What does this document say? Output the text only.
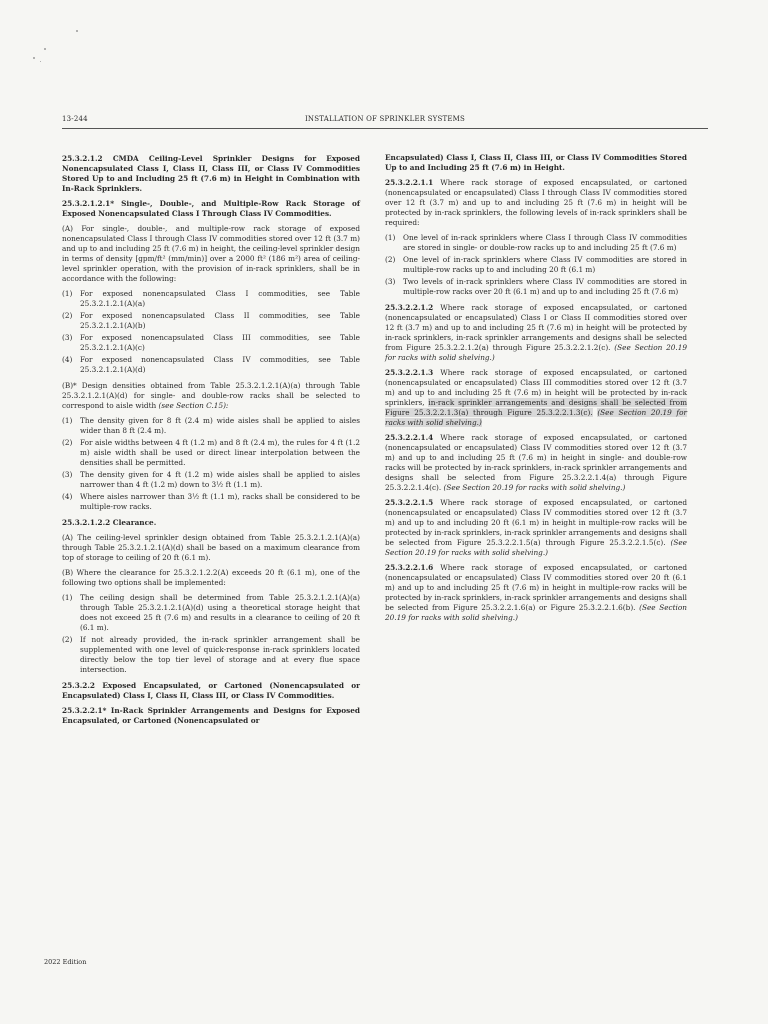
13-244	INSTALLATION OF SPRINKLER SYSTEMS

25.3.2.1.2 CMDA Ceiling-Level Sprinkler Designs for Exposed Nonencapsulated Class I, Class II, Class III, or Class IV Commodities Stored Up to and Including 25 ft (7.6 m) in Height in Combination with In-Rack Sprinklers.

25.3.2.1.2.1* Single-, Double-, and Multiple-Row Rack Storage of Exposed Nonencapsulated Class I Through Class IV Commodities.

(A) For single-, double-, and multiple-row rack storage of exposed nonencapsulated Class I through Class IV commodities stored over 12 ft (3.7 m) and up to and including 25 ft (7.6 m) in height, the ceiling-level sprinkler design in terms of density [gpm/ft² (mm/min)] over a 2000 ft² (186 m²) area of ceiling-level sprinkler operation, with the provision of in-rack sprinklers, shall be in accordance with the following:

(1)	For exposed nonencapsulated Class I commodities, see Table 25.3.2.1.2.1(A)(a)
(2)	For exposed nonencapsulated Class II commodities, see Table 25.3.2.1.2.1(A)(b)
(3)	For exposed nonencapsulated Class III commodities, see Table 25.3.2.1.2.1(A)(c)
(4)	For exposed nonencapsulated Class IV commodities, see Table 25.3.2.1.2.1(A)(d)

(B)* Design densities obtained from Table 25.3.2.1.2.1(A)(a) through Table 25.3.2.1.2.1(A)(d) for single- and double-row racks shall be selected to correspond to aisle width (see Section C.15):

(1)	The density given for 8 ft (2.4 m) wide aisles shall be applied to aisles wider than 8 ft (2.4 m).
(2)	For aisle widths between 4 ft (1.2 m) and 8 ft (2.4 m), the rules for 4 ft (1.2 m) aisle width shall be used or direct linear interpolation between the densities shall be permitted.
(3)	The density given for 4 ft (1.2 m) wide aisles shall be applied to aisles narrower than 4 ft (1.2 m) down to 3½ ft (1.1 m).
(4)	Where aisles narrower than 3½ ft (1.1 m), racks shall be considered to be multiple-row racks.

25.3.2.1.2.2 Clearance.

(A) The ceiling-level sprinkler design obtained from Table 25.3.2.1.2.1(A)(a) through Table 25.3.2.1.2.1(A)(d) shall be based on a maximum clearance from top of storage to ceiling of 20 ft (6.1 m).

(B) Where the clearance for 25.3.2.1.2.2(A) exceeds 20 ft (6.1 m), one of the following two options shall be implemented:

(1)	The ceiling design shall be determined from Table 25.3.2.1.2.1(A)(a) through Table 25.3.2.1.2.1(A)(d) using a theoretical storage height that does not exceed 25 ft (7.6 m) and results in a clearance to ceiling of 20 ft (6.1 m).
(2)	If not already provided, the in-rack sprinkler arrangement shall be supplemented with one level of quick-response in-rack sprinklers located directly below the top tier level of storage and at every flue space intersection.

25.3.2.2 Exposed Encapsulated, or Cartoned (Nonencapsulated or Encapsulated) Class I, Class II, Class III, or Class IV Commodities.

25.3.2.2.1* In-Rack Sprinkler Arrangements and Designs for Exposed Encapsulated, or Cartoned (Nonencapsulated or

Encapsulated) Class I, Class II, Class III, or Class IV Commodities Stored Up to and Including 25 ft (7.6 m) in Height.

25.3.2.2.1.1 Where rack storage of exposed encapsulated, or cartoned (nonencapsulated or encapsulated) Class I through Class IV commodities stored over 12 ft (3.7 m) and up to and including 25 ft (7.6 m) in height will be protected by in-rack sprinklers, the following levels of in-rack sprinklers shall be required:

(1)	One level of in-rack sprinklers where Class I through Class IV commodities are stored in single- or double-row racks up to and including 25 ft (7.6 m)
(2)	One level of in-rack sprinklers where Class IV commodities are stored in multiple-row racks up to and including 20 ft (6.1 m)
(3)	Two levels of in-rack sprinklers where Class IV commodities are stored in multiple-row racks over 20 ft (6.1 m) and up to and including 25 ft (7.6 m)

25.3.2.2.1.2 Where rack storage of exposed encapsulated, or cartoned (nonencapsulated or encapsulated) Class I or Class II commodities stored over 12 ft (3.7 m) and up to and including 25 ft (7.6 m) in height will be protected by in-rack sprinklers, in-rack sprinkler arrangements and designs shall be selected from Figure 25.3.2.2.1.2(a) through Figure 25.3.2.2.1.2(c). (See Section 20.19 for racks with solid shelving.)

25.3.2.2.1.3 Where rack storage of exposed encapsulated, or cartoned (nonencapsulated or encapsulated) Class III commodities stored over 12 ft (3.7 m) and up to and including 25 ft (7.6 m) in height will be protected by in-rack sprinklers, in-rack sprinkler arrangements and designs shall be selected from Figure 25.3.2.2.1.3(a) through Figure 25.3.2.2.1.3(c). (See Section 20.19 for racks with solid shelving.)

25.3.2.2.1.4 Where rack storage of exposed encapsulated, or cartoned (nonencapsulated or encapsulated) Class IV commodities stored over 12 ft (3.7 m) and up to and including 25 ft (7.6 m) in height in single- and double-row racks will be protected by in-rack sprinklers, in-rack sprinkler arrangements and designs shall be selected from Figure 25.3.2.2.1.4(a) through Figure 25.3.2.2.1.4(c). (See Section 20.19 for racks with solid shelving.)

25.3.2.2.1.5 Where rack storage of exposed encapsulated, or cartoned (nonencapsulated or encapsulated) Class IV commodities stored over 12 ft (3.7 m) and up to and including 20 ft (6.1 m) in height in multiple-row racks will be protected by in-rack sprinklers, in-rack sprinkler arrangements and designs shall be selected from Figure 25.3.2.2.1.5(a) through Figure 25.3.2.2.1.5(c). (See Section 20.19 for racks with solid shelving.)

25.3.2.2.1.6 Where rack storage of exposed encapsulated, or cartoned (nonencapsulated or encapsulated) Class IV commodities stored over 20 ft (6.1 m) and up to and including 25 ft (7.6 m) in height in multiple-row racks will be protected by in-rack sprinklers, in-rack sprinkler arrangements and designs shall be selected from Figure 25.3.2.2.1.6(a) or Figure 25.3.2.2.1.6(b). (See Section 20.19 for racks with solid shelving.)

2022 Edition
